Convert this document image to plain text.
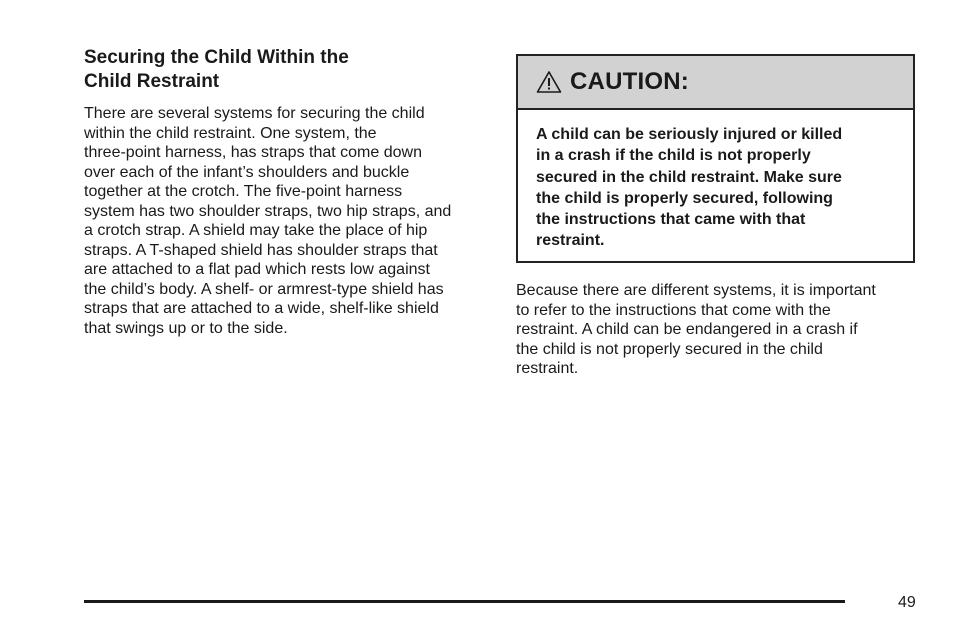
Securing the Child Within the
Child Restraint

There are several systems for securing the child
within the child restraint. One system, the
three-point harness, has straps that come down
over each of the infant’s shoulders and buckle
together at the crotch. The five-point harness
system has two shoulder straps, two hip straps, and
a crotch strap. A shield may take the place of hip
straps. A T-shaped shield has shoulder straps that
are attached to a flat pad which rests low against
the child’s body. A shelf- or armrest-type shield has
straps that are attached to a wide, shelf-like shield
that swings up or to the side.

CAUTION:
A child can be seriously injured or killed
in a crash if the child is not properly
secured in the child restraint. Make sure
the child is properly secured, following
the instructions that came with that
restraint.

Because there are different systems, it is important
to refer to the instructions that come with the
restraint. A child can be endangered in a crash if
the child is not properly secured in the child
restraint.

49
